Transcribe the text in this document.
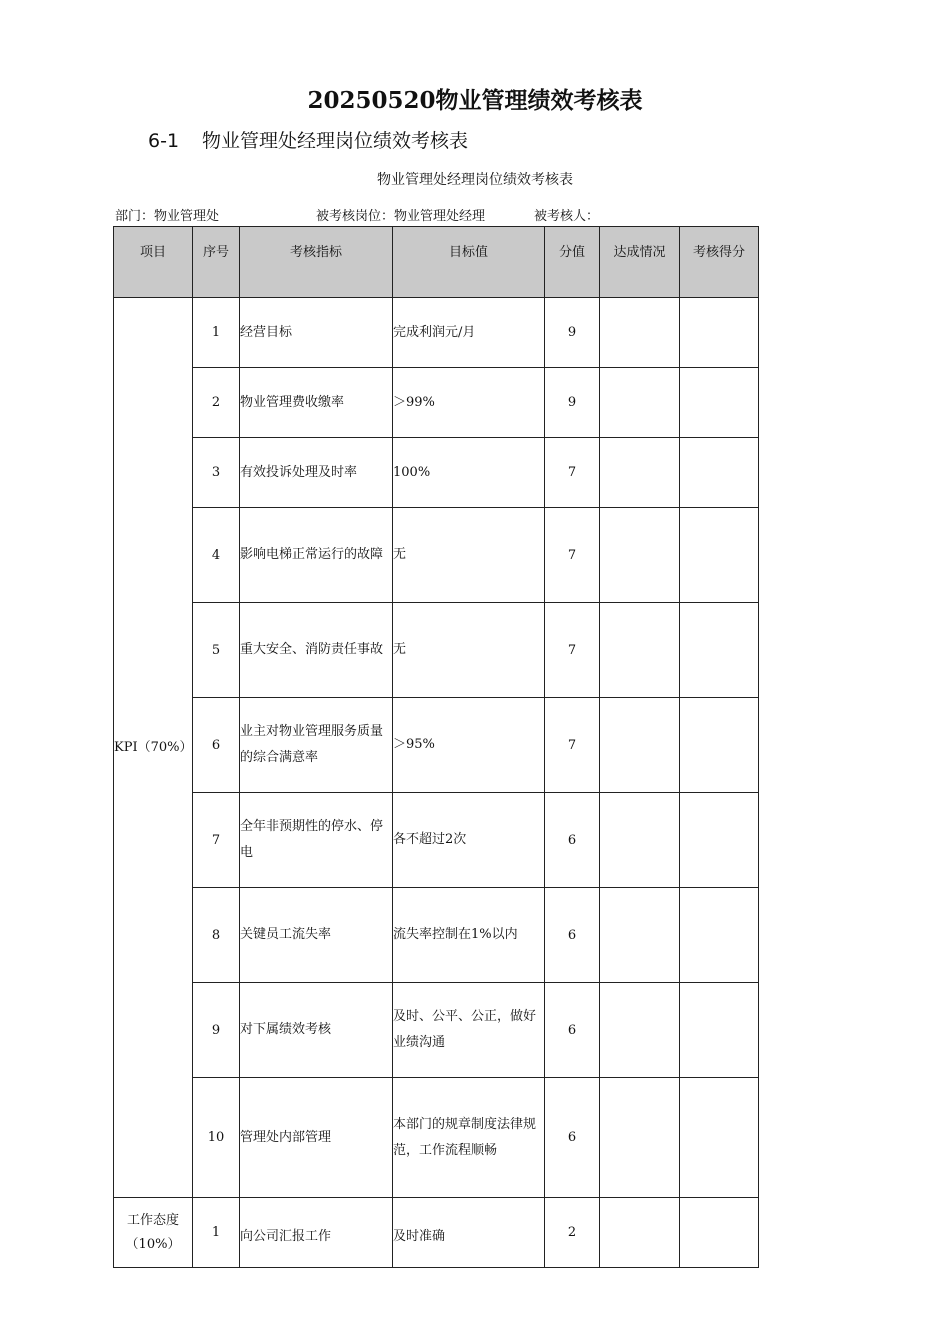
20250520物业管理绩效考核表
6-1 物业管理处经理岗位绩效考核表
物业管理处经理岗位绩效考核表
部门：物业管理处	被考核岗位：物业管理处经理	被考核人：
项目	序号	考核指标	目标值	分值	达成情况	考核得分
KPI（70%）	1	经营目标	完成利润元/月	9		
	2	物业管理费收缴率	＞99%	9		
	3	有效投诉处理及时率	100%	7		
	4	影响电梯正常运行的故障	无	7		
	5	重大安全、消防责任事故	无	7		
	6	业主对物业管理服务质量的综合满意率	＞95%	7		
	7	全年非预期性的停水、停电	各不超过2次	6		
	8	关键员工流失率	流失率控制在1%以内	6		
	9	对下属绩效考核	及时、公平、公正，做好业绩沟通	6		
	10	管理处内部管理	本部门的规章制度法律规范，工作流程顺畅	6		
工作态度（10%）	1	向公司汇报工作	及时准确	2		
